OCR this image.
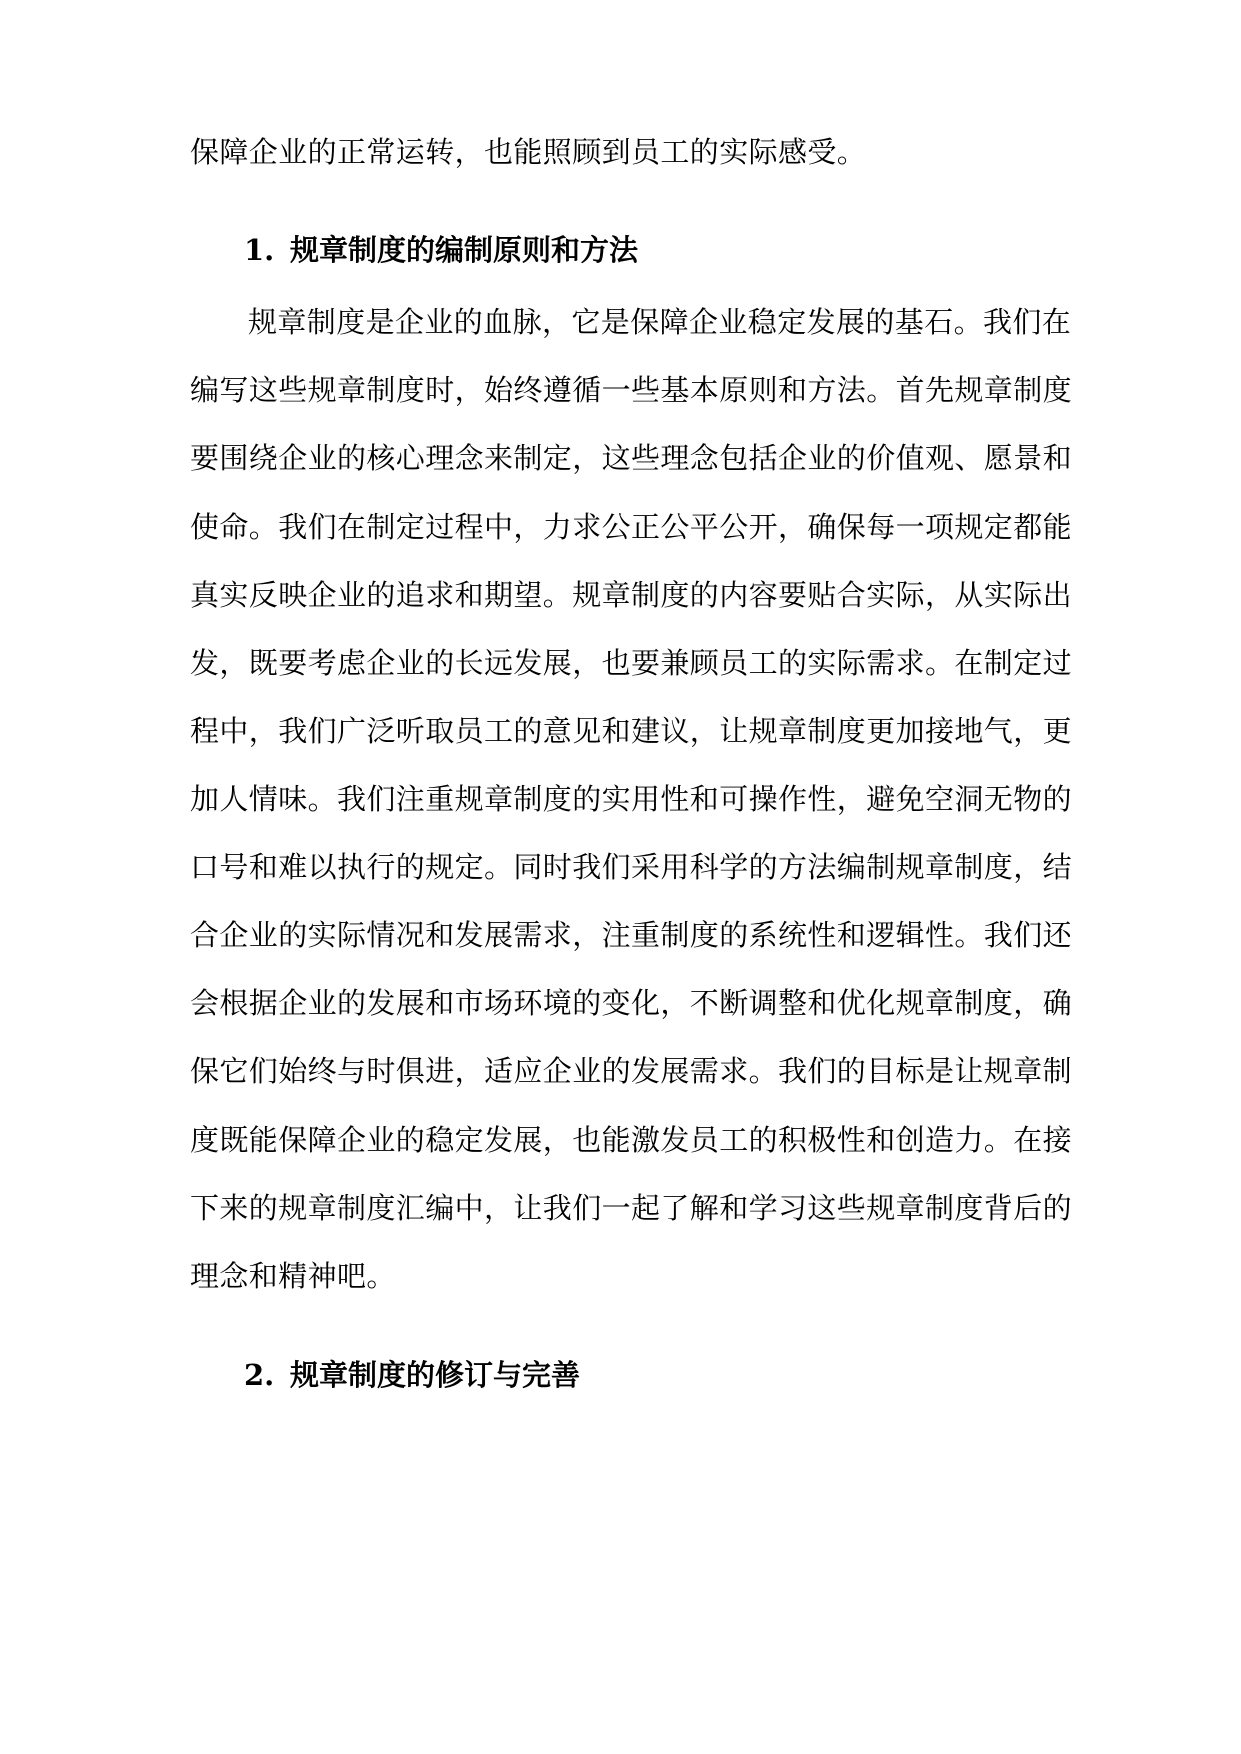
保障企业的正常运转，也能照顾到员工的实际感受。
1. 规章制度的编制原则和方法
规章制度是企业的血脉，它是保障企业稳定发展的基石。我们在
编写这些规章制度时，始终遵循一些基本原则和方法。首先规章制度
要围绕企业的核心理念来制定，这些理念包括企业的价值观、愿景和
使命。我们在制定过程中，力求公正公平公开，确保每一项规定都能
真实反映企业的追求和期望。规章制度的内容要贴合实际，从实际出
发，既要考虑企业的长远发展，也要兼顾员工的实际需求。在制定过
程中，我们广泛听取员工的意见和建议，让规章制度更加接地气，更
加人情味。我们注重规章制度的实用性和可操作性，避免空洞无物的
口号和难以执行的规定。同时我们采用科学的方法编制规章制度，结
合企业的实际情况和发展需求，注重制度的系统性和逻辑性。我们还
会根据企业的发展和市场环境的变化，不断调整和优化规章制度，确
保它们始终与时俱进，适应企业的发展需求。我们的目标是让规章制
度既能保障企业的稳定发展，也能激发员工的积极性和创造力。在接
下来的规章制度汇编中，让我们一起了解和学习这些规章制度背后的
理念和精神吧。
2. 规章制度的修订与完善
